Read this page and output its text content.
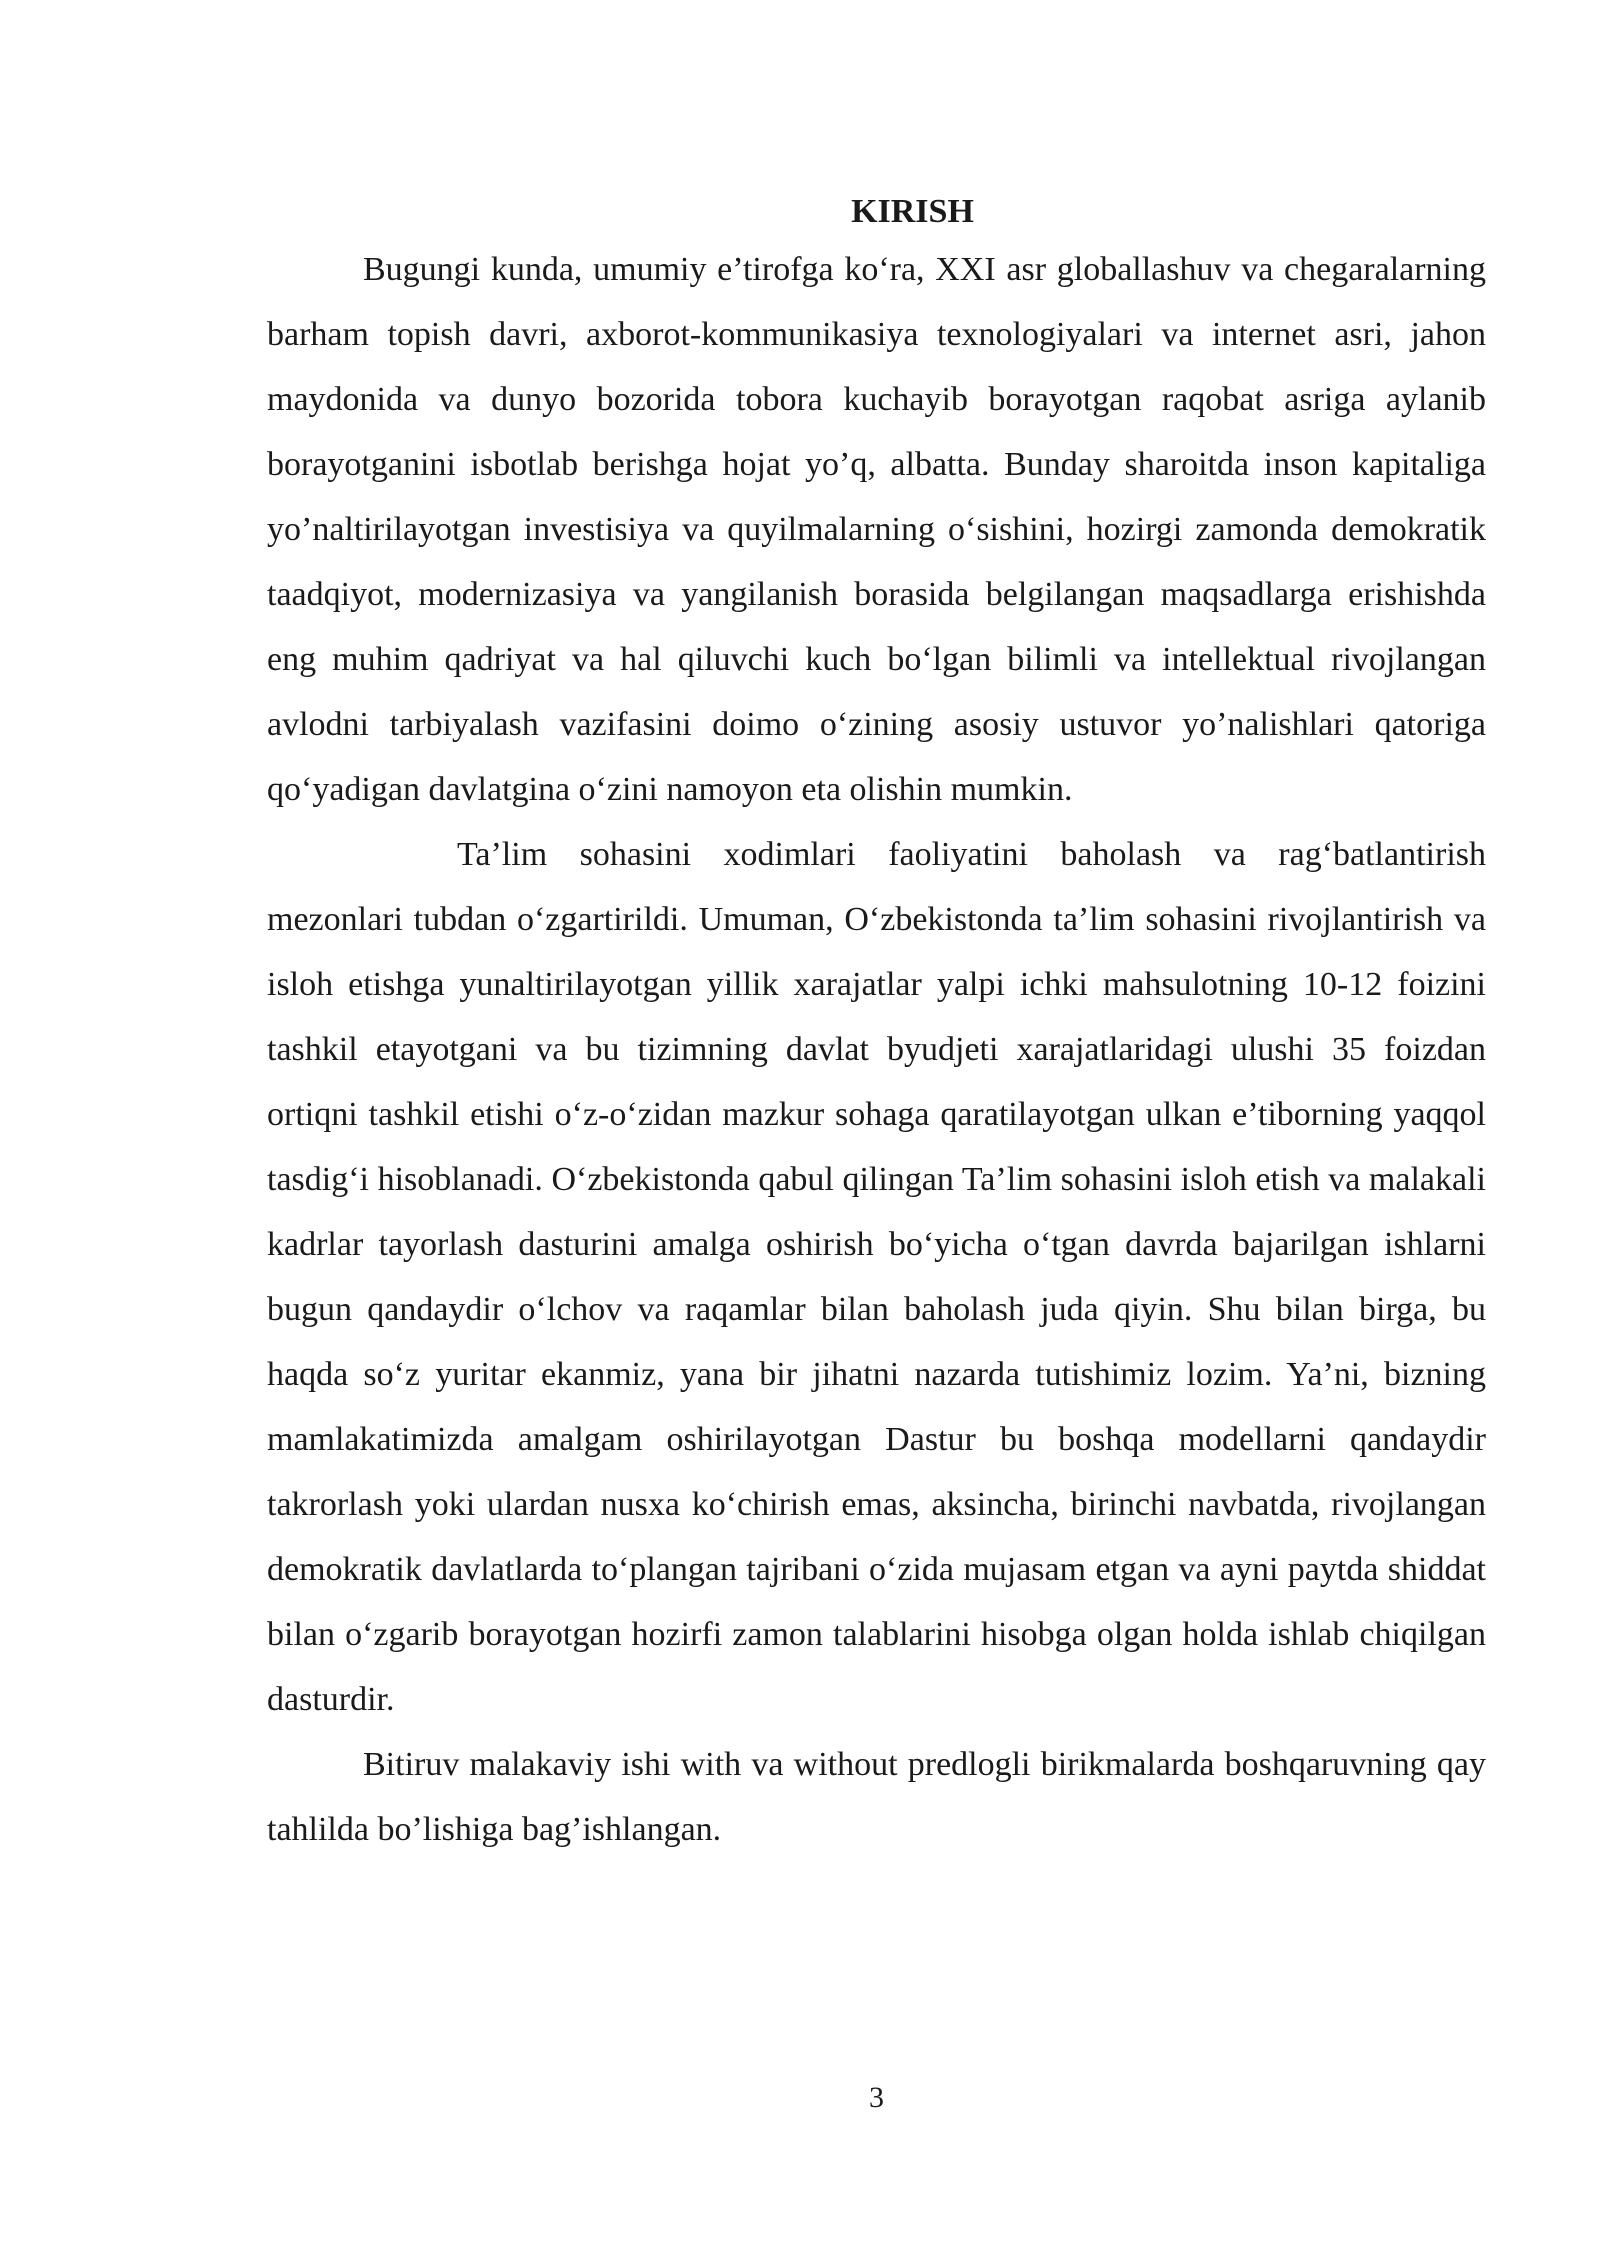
KIRISH

Bugungi kunda, umumiy e’tirofga ko‘ra, XXI asr globallashuv va chegaralarning barham topish davri, axborot-kommunikasiya texnologiyalari va internet asri, jahon maydonida va dunyo bozorida tobora kuchayib borayotgan raqobat asriga aylanib borayotganini isbotlab berishga hojat yo’q, albatta. Bunday sharoitda inson kapitaliga yo’naltirilayotgan investisiya va quyilmalarning o‘sishini, hozirgi zamonda demokratik taadqiyot, modernizasiya va yangilanish borasida belgilangan maqsadlarga erishishda eng muhim qadriyat va hal qiluvchi kuch bo‘lgan bilimli va intellektual rivojlangan avlodni tarbiyalash vazifasini doimo o‘zining asosiy ustuvor yo’nalishlari qatoriga qo‘yadigan davlatgina o‘zini namoyon eta olishin mumkin.

Ta’lim sohasini xodimlari faoliyatini baholash va rag‘batlantirish mezonlari tubdan o‘zgartirildi. Umuman, O‘zbekistonda ta’lim sohasini rivojlantirish va isloh etishga yunaltirilayotgan yillik xarajatlar yalpi ichki mahsulotning 10-12 foizini tashkil etayotgani va bu tizimning davlat byudjeti xarajatlaridagi ulushi 35 foizdan ortiqni tashkil etishi o‘z-o‘zidan mazkur sohaga qaratilayotgan ulkan e’tiborning yaqqol tasdig‘i hisoblanadi. O‘zbekistonda qabul qilingan Ta’lim sohasini isloh etish va malakali kadrlar tayorlash dasturini amalga oshirish bo‘yicha o‘tgan davrda bajarilgan ishlarni bugun qandaydir o‘lchov va raqamlar bilan baholash juda qiyin. Shu bilan birga, bu haqda so‘z yuritar ekanmiz, yana bir jihatni nazarda tutishimiz lozim. Ya’ni, bizning mamlakatimizda amalgam oshirilayotgan Dastur bu boshqa modellarni qandaydir takrorlash yoki ulardan nusxa ko‘chirish emas, aksincha, birinchi navbatda, rivojlangan demokratik davlatlarda to‘plangan tajribani o‘zida mujasam etgan va ayni paytda shiddat bilan o‘zgarib borayotgan hozirfi zamon talablarini hisobga olgan holda ishlab chiqilgan dasturdir.

Bitiruv malakaviy ishi with va without predlogli birikmalarda boshqaruvning qay tahlilda bo’lishiga bag’ishlangan.

3
